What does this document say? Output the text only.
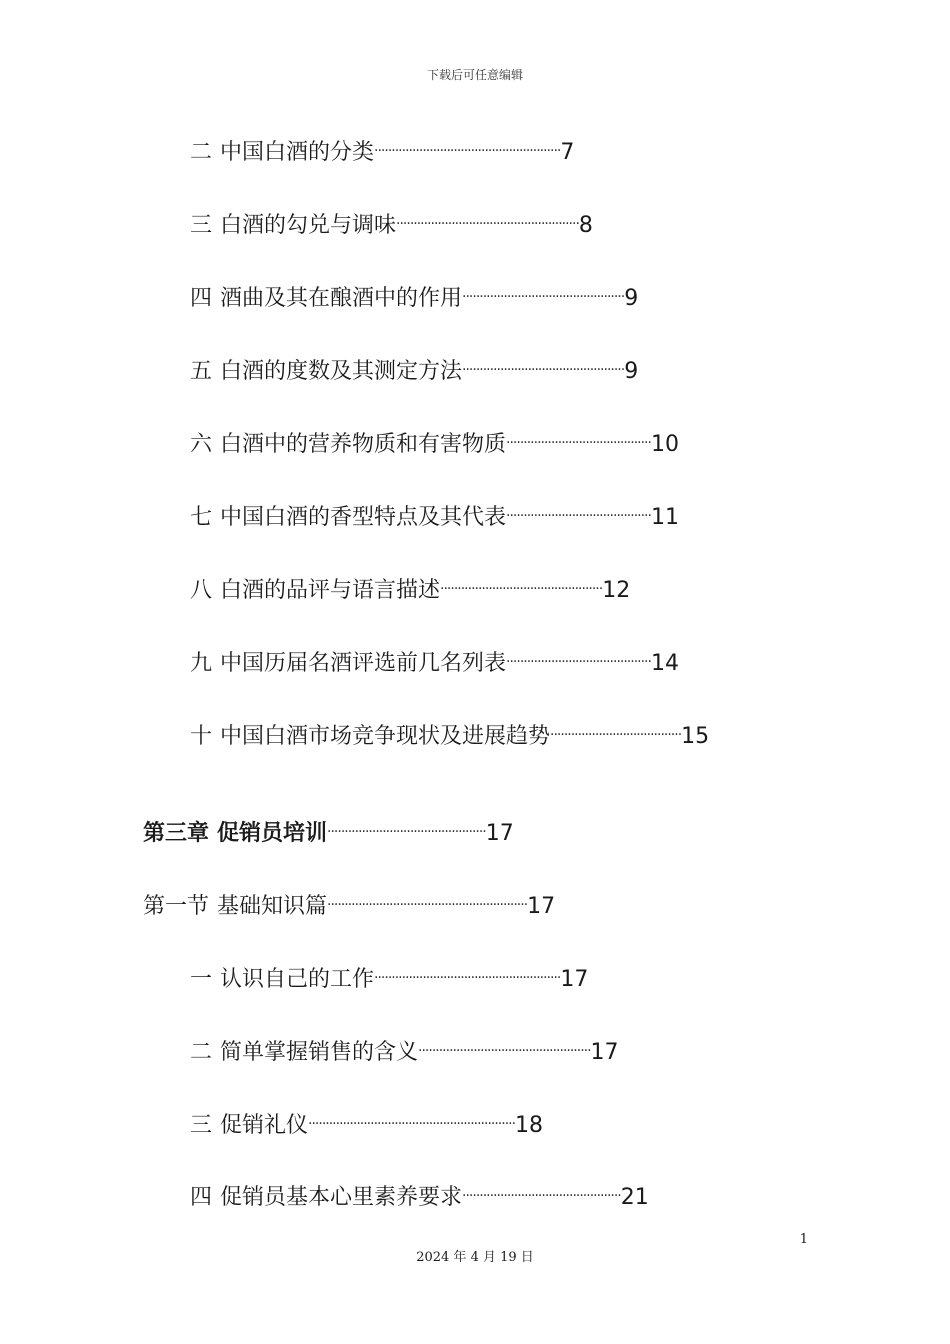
下载后可任意编辑
二 中国白酒的分类······················································7
三 白酒的勾兑与调味·····················································8
四 酒曲及其在酿酒中的作用···············································9
五 白酒的度数及其测定方法···············································9
六 白酒中的营养物质和有害物质··········································10
七 中国白酒的香型特点及其代表··········································11
八 白酒的品评与语言描述···············································12
九 中国历届名酒评选前几名列表··········································14
十 中国白酒市场竞争现状及进展趋势······································15
第三章 促销员培训··············································17
第一节 基础知识篇··························································17
一 认识自己的工作······················································17
二 简单掌握销售的含义··················································17
三 促销礼仪····························································18
四 促销员基本心里素养要求··············································21
1
2024 年 4 月 19 日
